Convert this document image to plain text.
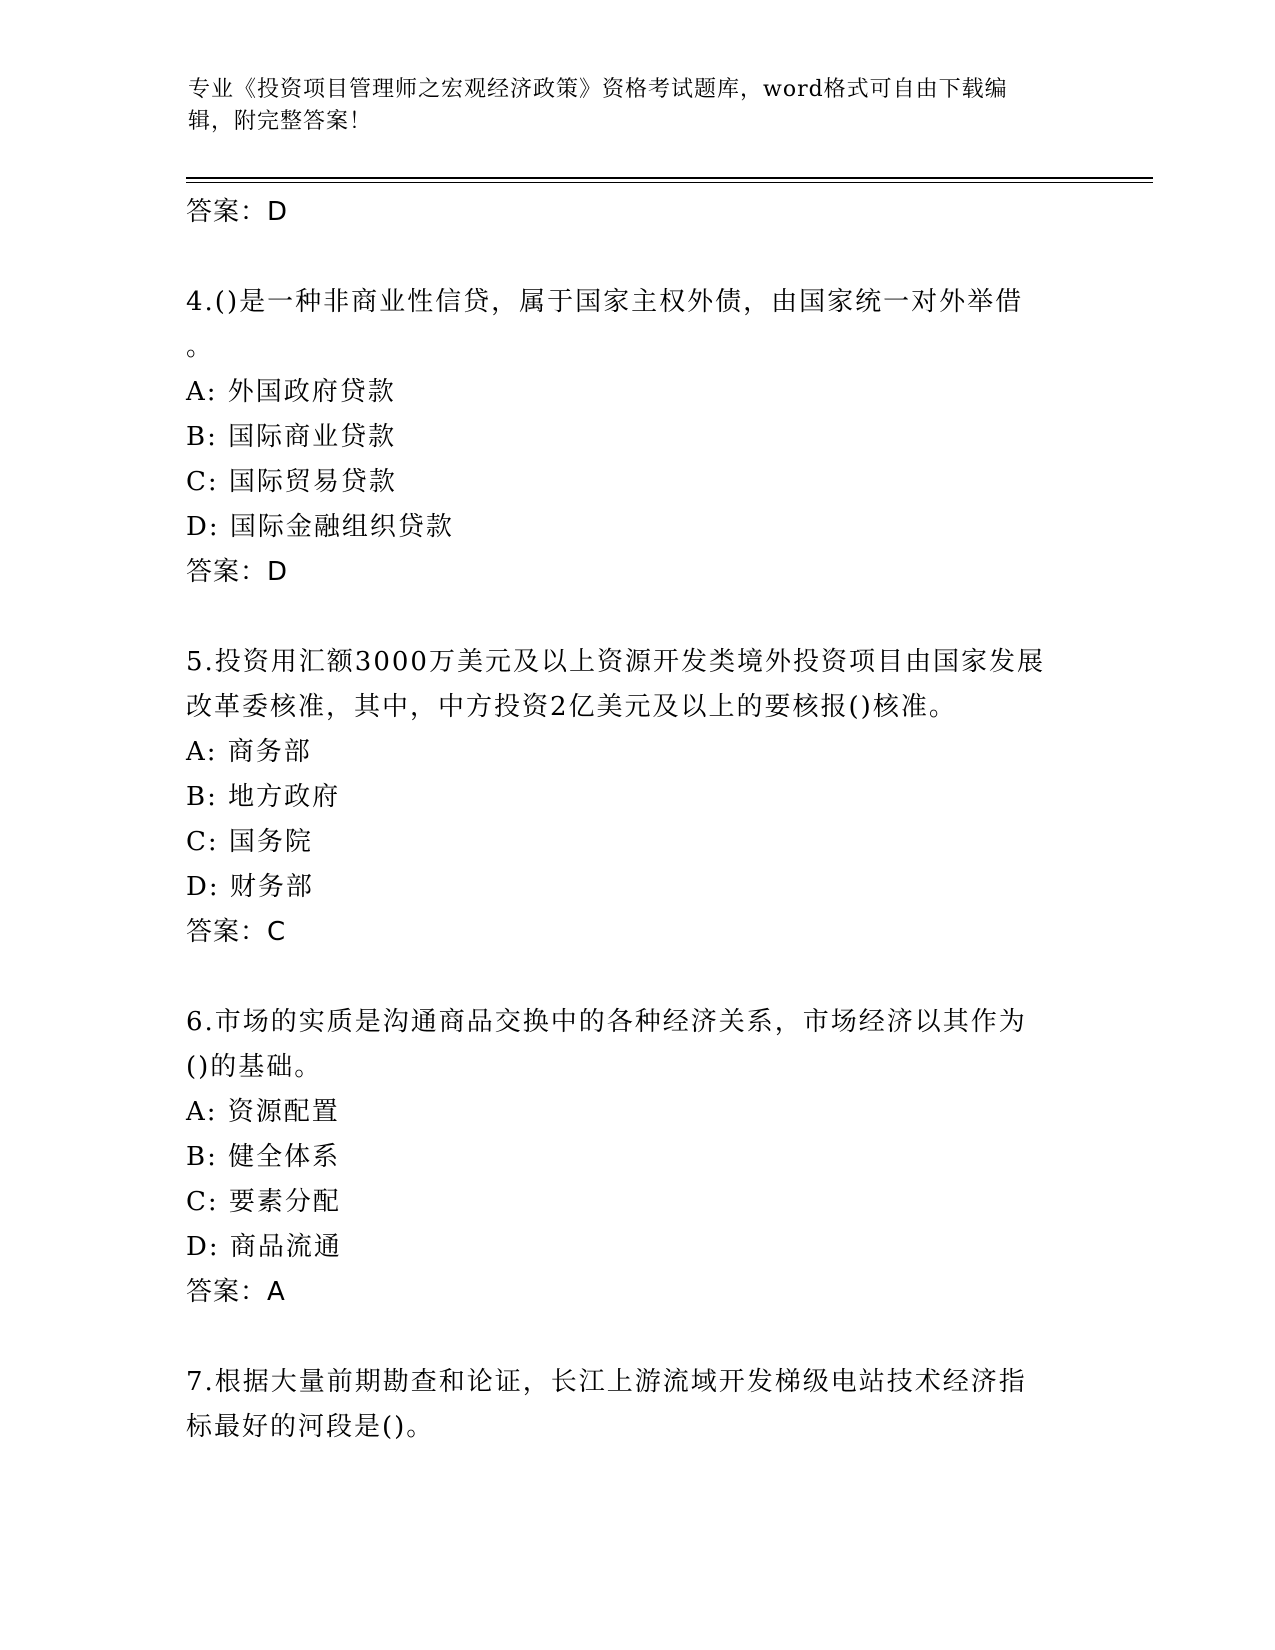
专业《投资项目管理师之宏观经济政策》资格考试题库，word格式可自由下载编
辑，附完整答案！
答案：D
4.()是一种非商业性信贷，属于国家主权外债，由国家统一对外举借
。
A: 外国政府贷款
B: 国际商业贷款
C: 国际贸易贷款
D: 国际金融组织贷款
答案：D
5.投资用汇额3000万美元及以上资源开发类境外投资项目由国家发展
改革委核准，其中，中方投资2亿美元及以上的要核报()核准。
A: 商务部
B: 地方政府
C: 国务院
D: 财务部
答案：C
6.市场的实质是沟通商品交换中的各种经济关系，市场经济以其作为
()的基础。
A: 资源配置
B: 健全体系
C: 要素分配
D: 商品流通
答案：A
7.根据大量前期勘查和论证，长江上游流域开发梯级电站技术经济指
标最好的河段是()。
